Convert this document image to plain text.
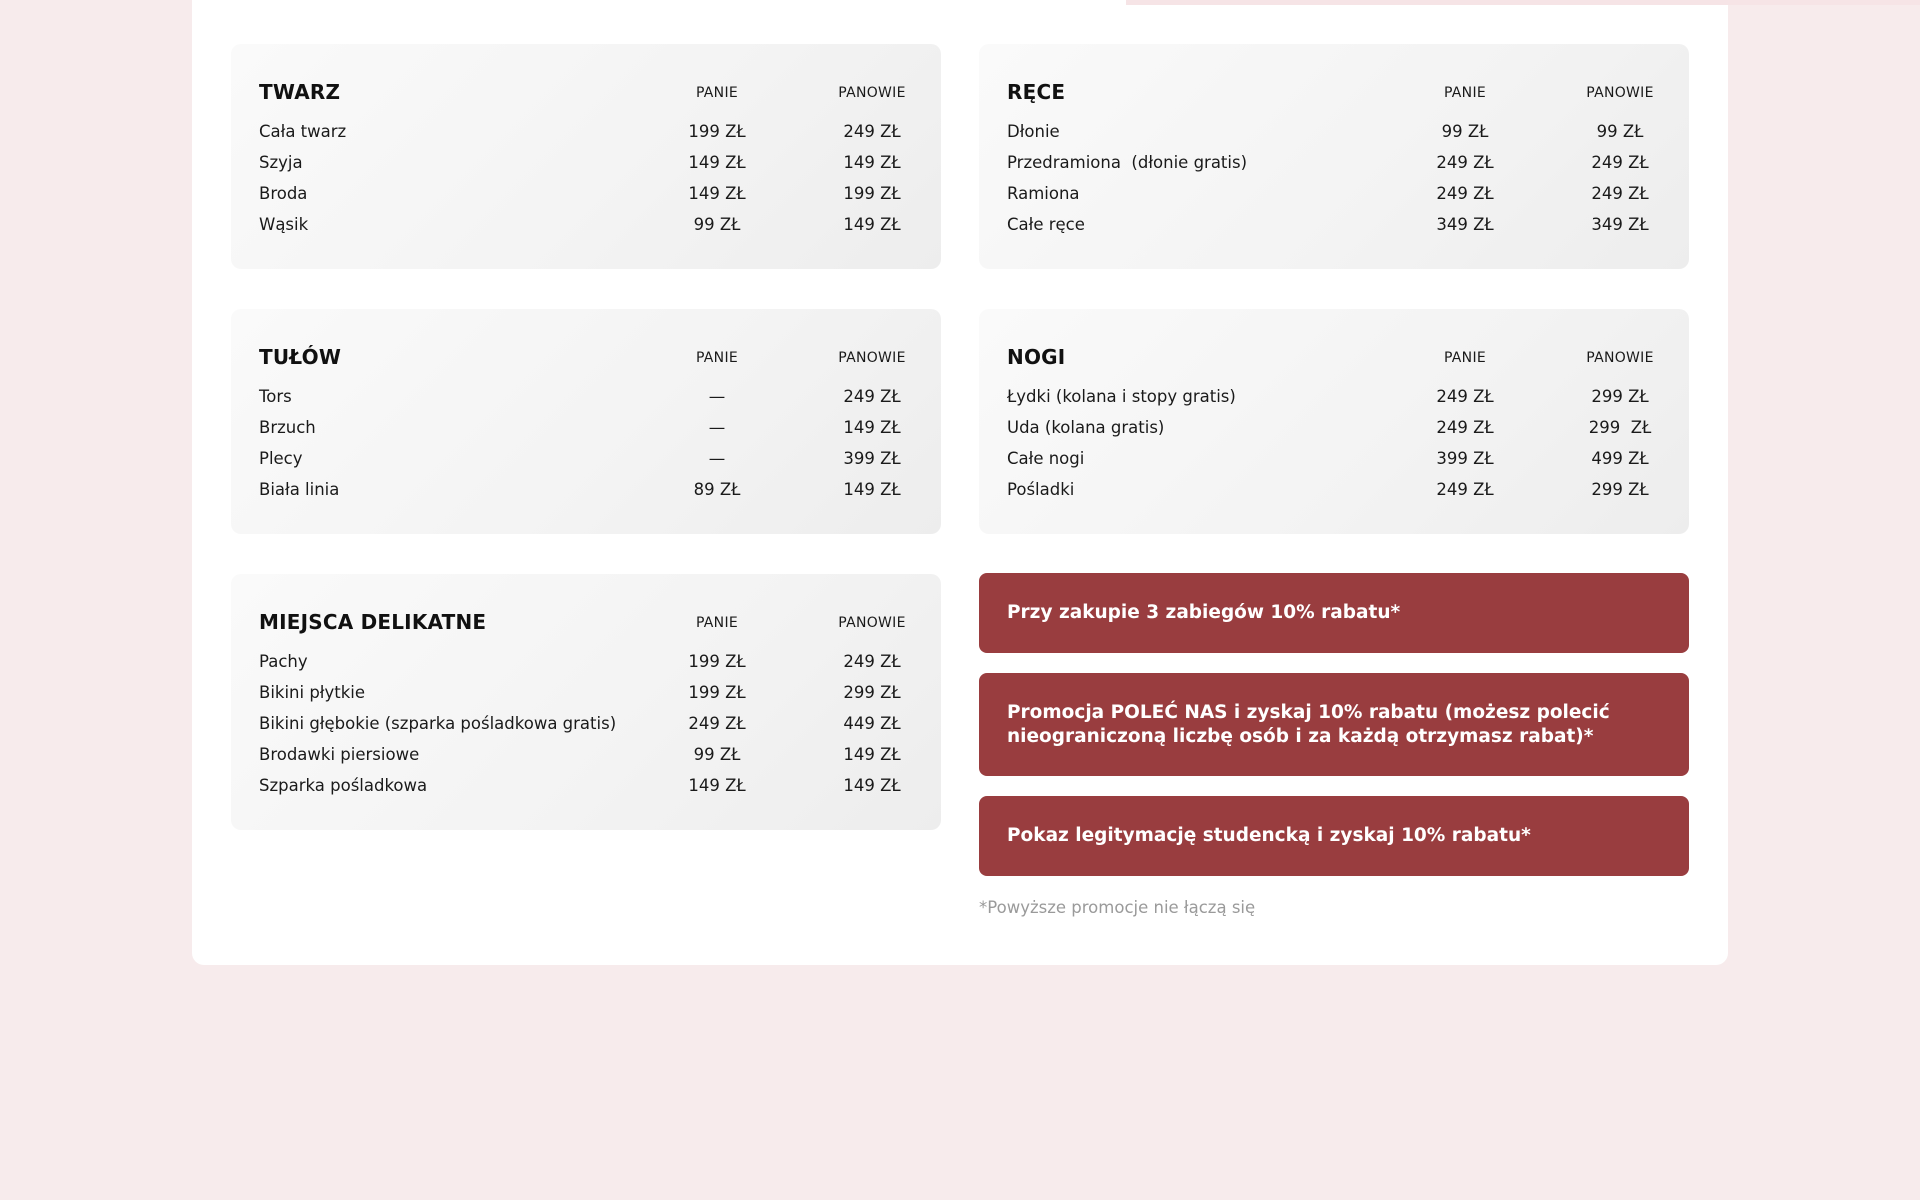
TWARZ	PANIE	PANOWIE
Cała twarz	199 ZŁ	249 ZŁ
Szyja	149 ZŁ	149 ZŁ
Broda	149 ZŁ	199 ZŁ
Wąsik	99 ZŁ	149 ZŁ
RĘCE	PANIE	PANOWIE
Dłonie	99 ZŁ	99 ZŁ
Przedramiona  (dłonie gratis)	249 ZŁ	249 ZŁ
Ramiona	249 ZŁ	249 ZŁ
Całe ręce	349 ZŁ	349 ZŁ
TUŁÓW	PANIE	PANOWIE
Tors	—	249 ZŁ
Brzuch	—	149 ZŁ
Plecy	—	399 ZŁ
Biała linia	89 ZŁ	149 ZŁ
NOGI	PANIE	PANOWIE
Łydki (kolana i stopy gratis)	249 ZŁ	299 ZŁ
Uda (kolana gratis)	249 ZŁ	299  ZŁ
Całe nogi	399 ZŁ	499 ZŁ
Pośladki	249 ZŁ	299 ZŁ
MIEJSCA DELIKATNE	PANIE	PANOWIE
Pachy	199 ZŁ	249 ZŁ
Bikini płytkie	199 ZŁ	299 ZŁ
Bikini głębokie (szparka pośladkowa gratis)	249 ZŁ	449 ZŁ
Brodawki piersiowe	99 ZŁ	149 ZŁ
Szparka pośladkowa	149 ZŁ	149 ZŁ
Przy zakupie 3 zabiegów 10% rabatu*
Promocja POLEĆ NAS i zyskaj 10% rabatu (możesz polecić nieograniczoną liczbę osób i za każdą otrzymasz rabat)*
Pokaz legitymację studencką i zyskaj 10% rabatu*
*Powyższe promocje nie łączą się
